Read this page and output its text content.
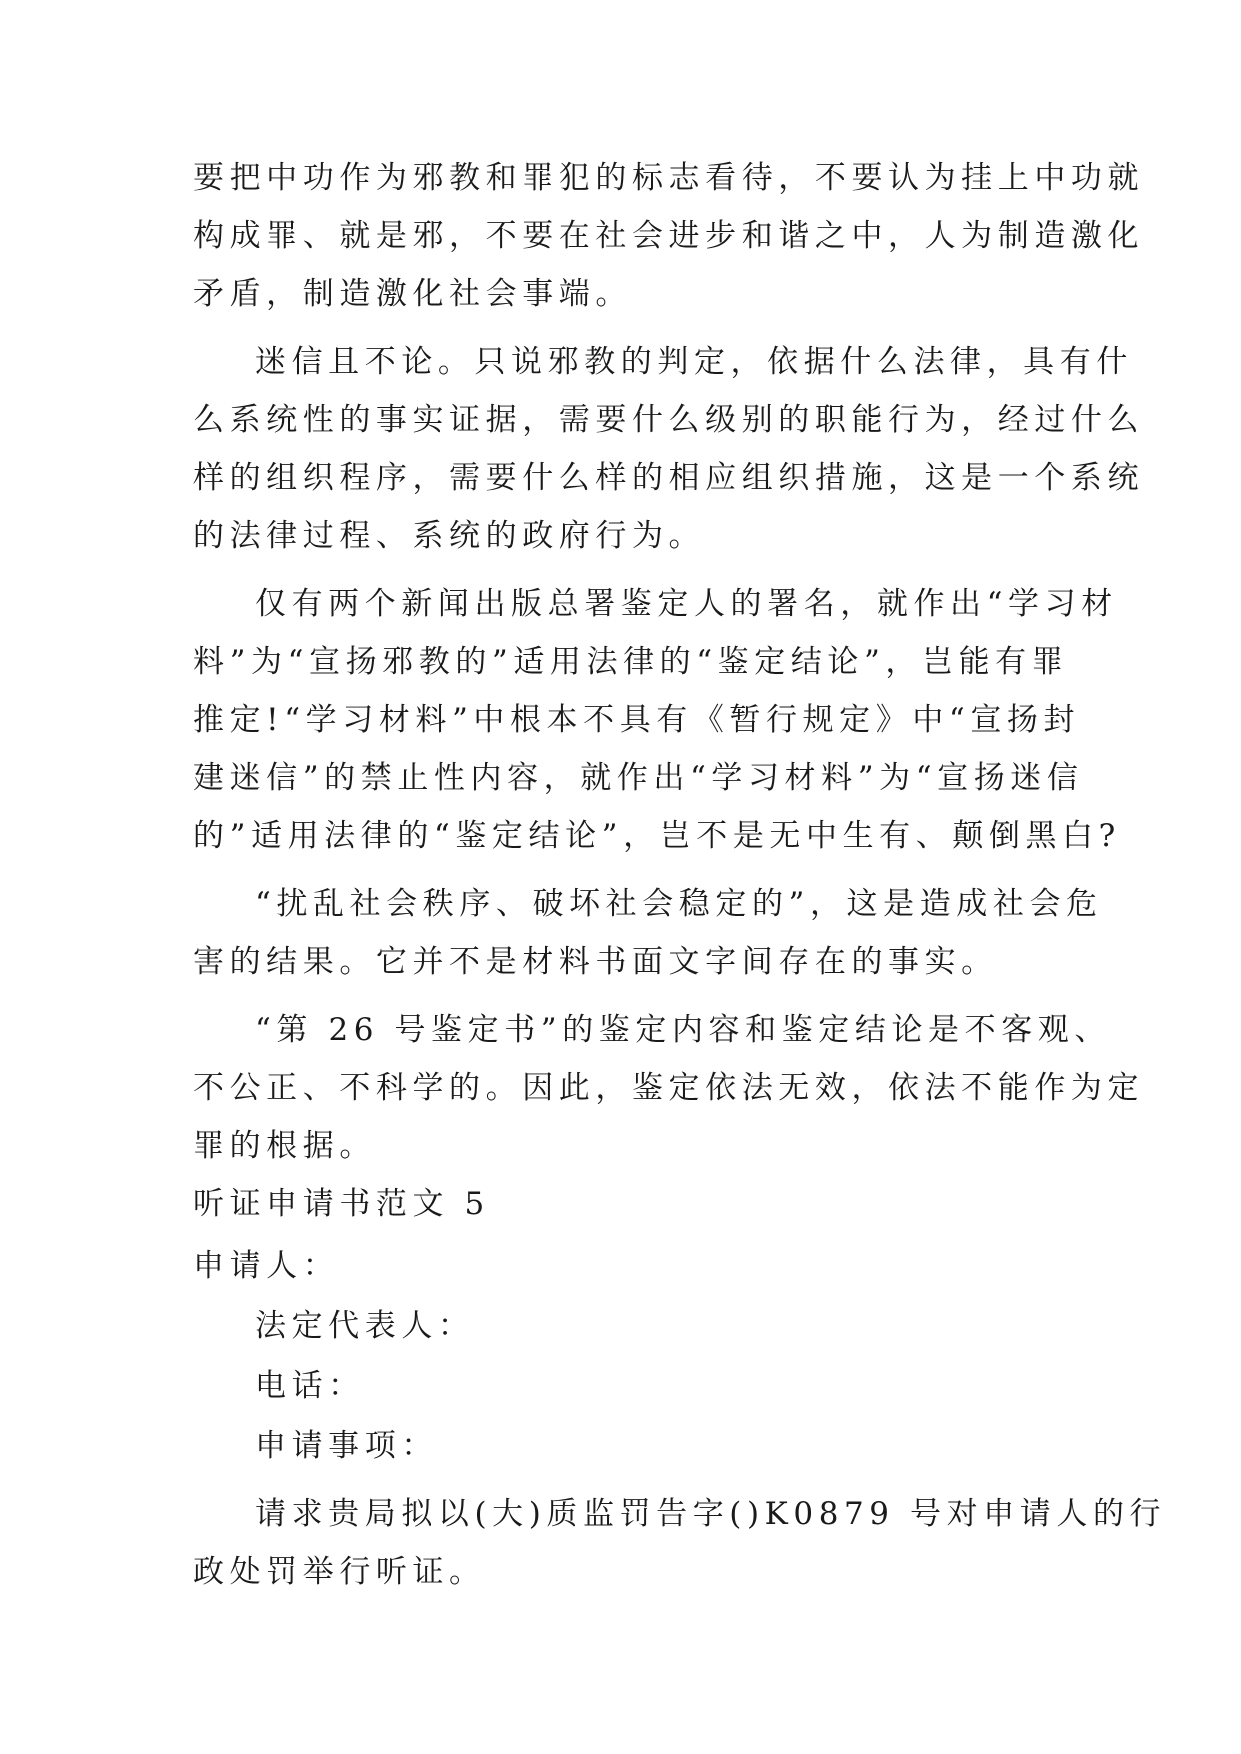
要把中功作为邪教和罪犯的标志看待，不要认为挂上中功就
构成罪、就是邪，不要在社会进步和谐之中，人为制造激化
矛盾，制造激化社会事端。
迷信且不论。只说邪教的判定，依据什么法律，具有什
么系统性的事实证据，需要什么级别的职能行为，经过什么
样的组织程序，需要什么样的相应组织措施，这是一个系统
的法律过程、系统的政府行为。
仅有两个新闻出版总署鉴定人的署名，就作出“学习材
料”为“宣扬邪教的”适用法律的“鉴定结论”，岂能有罪
推定!“学习材料”中根本不具有《暂行规定》中“宣扬封
建迷信”的禁止性内容，就作出“学习材料”为“宣扬迷信
的”适用法律的“鉴定结论”，岂不是无中生有、颠倒黑白?
“扰乱社会秩序、破坏社会稳定的”，这是造成社会危
害的结果。它并不是材料书面文字间存在的事实。
“第 26 号鉴定书”的鉴定内容和鉴定结论是不客观、
不公正、不科学的。因此，鉴定依法无效，依法不能作为定
罪的根据。
听证申请书范文 5
申请人：
法定代表人：
电话：
申请事项：
请求贵局拟以(大)质监罚告字()K0879 号对申请人的行
政处罚举行听证。
